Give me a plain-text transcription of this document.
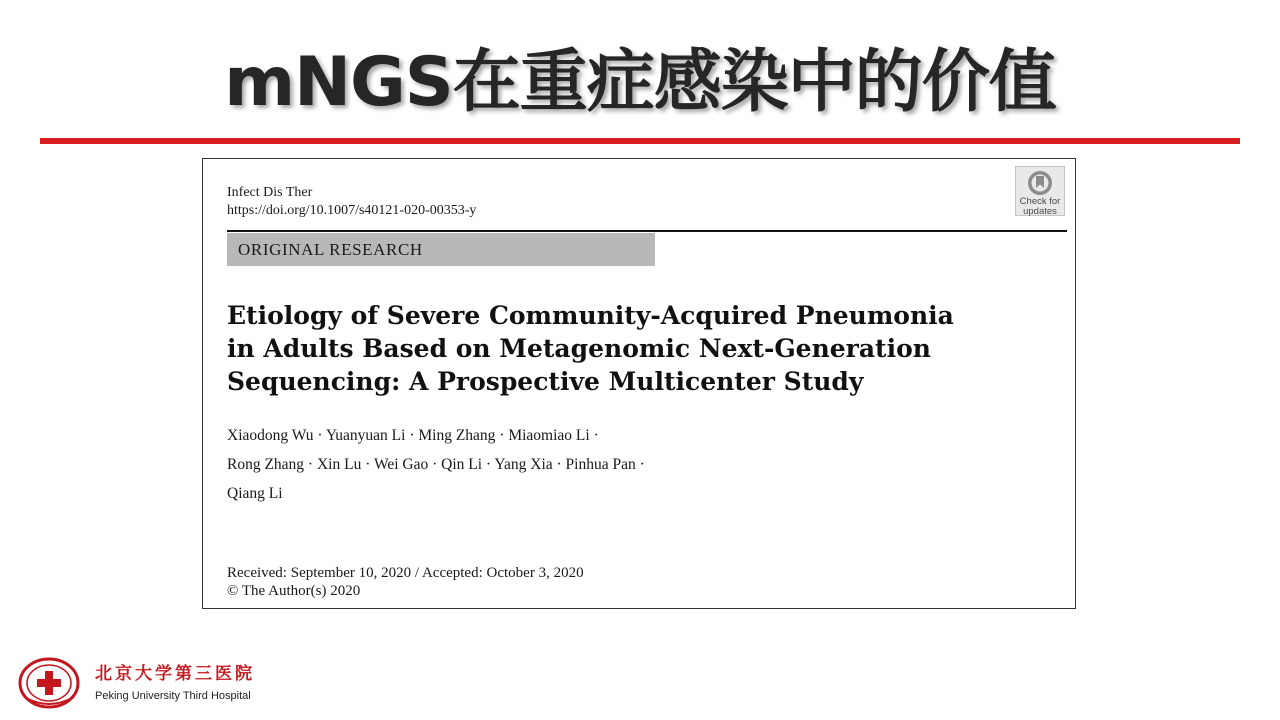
mNGS在重症感染中的价值
Infect Dis Ther
https://doi.org/10.1007/s40121-020-00353-y
Check for
updates
ORIGINAL RESEARCH
Etiology of Severe Community-Acquired Pneumonia
in Adults Based on Metagenomic Next-Generation
Sequencing: A Prospective Multicenter Study
Xiaodong Wu · Yuanyuan Li · Ming Zhang · Miaomiao Li ·
Rong Zhang · Xin Lu · Wei Gao · Qin Li · Yang Xia · Pinhua Pan ·
Qiang Li
Received: September 10, 2020 / Accepted: October 3, 2020
© The Author(s) 2020
北京大学第三医院
Peking University Third Hospital
